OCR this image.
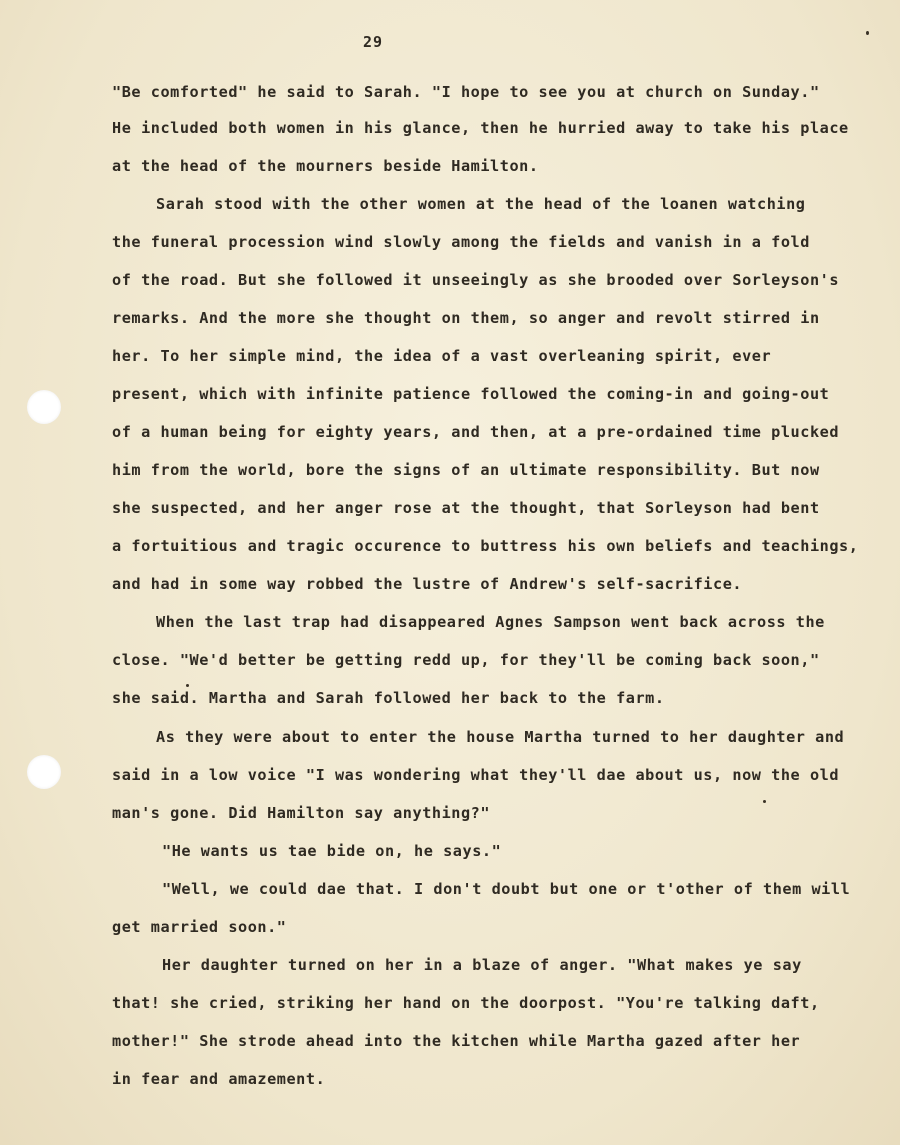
29
"Be comforted" he said to Sarah. "I hope to see you at church on Sunday."
He included both women in his glance, then he hurried away to take his place
at the head of the mourners beside Hamilton.
Sarah stood with the other women at the head of the loanen watching
the funeral procession wind slowly among the fields and vanish in a fold
of the road. But she followed it unseeingly as she brooded over Sorleyson's
remarks. And the more she thought on them, so anger and revolt stirred in
her. To her simple mind, the idea of a vast overleaning spirit, ever
present, which with infinite patience followed the coming-in and going-out
of a human being for eighty years, and then, at a pre-ordained time plucked
him from the world, bore the signs of an ultimate responsibility. But now
she suspected, and her anger rose at the thought, that Sorleyson had bent
a fortuitious and tragic occurence to buttress his own beliefs and teachings,
and had in some way robbed the lustre of Andrew's self-sacrifice.
When the last trap had disappeared Agnes Sampson went back across the
close. "We'd better be getting redd up, for they'll be coming back soon,"
she said. Martha and Sarah followed her back to the farm.
As they were about to enter the house Martha turned to her daughter and
said in a low voice "I was wondering what they'll dae about us, now the old
man's gone. Did Hamilton say anything?"
"He wants us tae bide on, he says."
"Well, we could dae that. I don't doubt but one or t'other of them will
get married soon."
Her daughter turned on her in a blaze of anger. "What makes ye say
that! she cried, striking her hand on the doorpost. "You're talking daft,
mother!" She strode ahead into the kitchen while Martha gazed after her
in fear and amazement.
